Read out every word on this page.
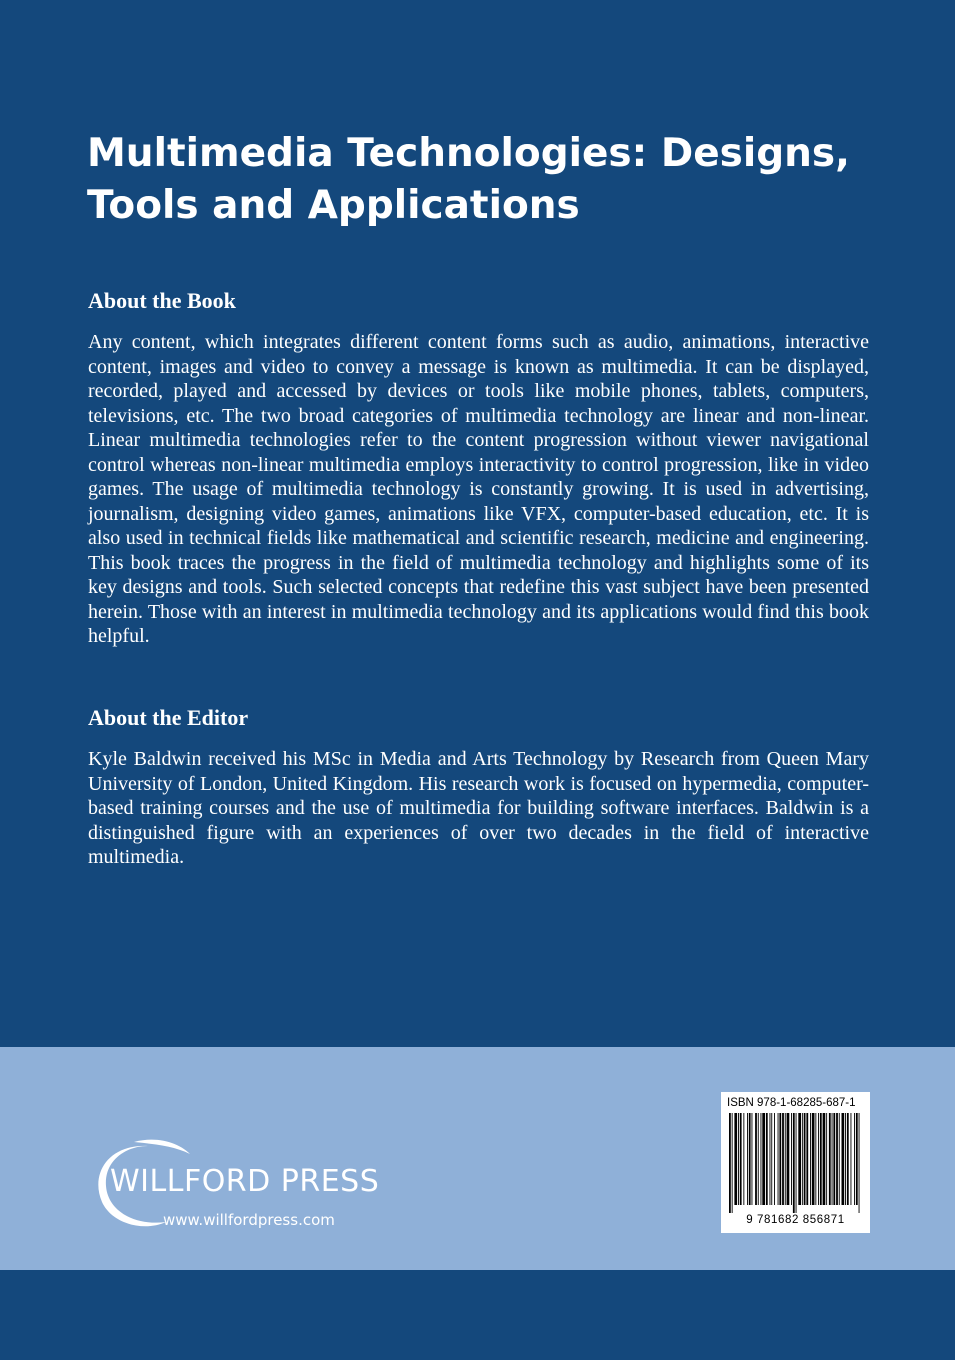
Multimedia Technologies: Designs, Tools and Applications
About the Book

Any content, which integrates different content forms such as audio, animations, interactive content, images and video to convey a message is known as multimedia. It can be displayed, recorded, played and accessed by devices or tools like mobile phones, tablets, computers, televisions, etc. The two broad categories of multimedia technology are linear and non-linear. Linear multimedia technologies refer to the content progression without viewer navigational control whereas non-linear multimedia employs interactivity to control progression, like in video games. The usage of multimedia technology is constantly growing. It is used in advertising, journalism, designing video games, animations like VFX, computer-based education, etc. It is also used in technical fields like mathematical and scientific research, medicine and engineering. This book traces the progress in the field of multimedia technology and highlights some of its key designs and tools. Such selected concepts that redefine this vast subject have been presented herein. Those with an interest in multimedia technology and its applications would find this book helpful.

About the Editor

Kyle Baldwin received his MSc in Media and Arts Technology by Research from Queen Mary University of London, United Kingdom. His research work is focused on hypermedia, computer-based training courses and the use of multimedia for building software interfaces. Baldwin is a distinguished figure with an experiences of over two decades in the field of interactive multimedia.

WILLFORD PRESS
www.willfordpress.com
ISBN 978-1-68285-687-1
9 781682 856871
